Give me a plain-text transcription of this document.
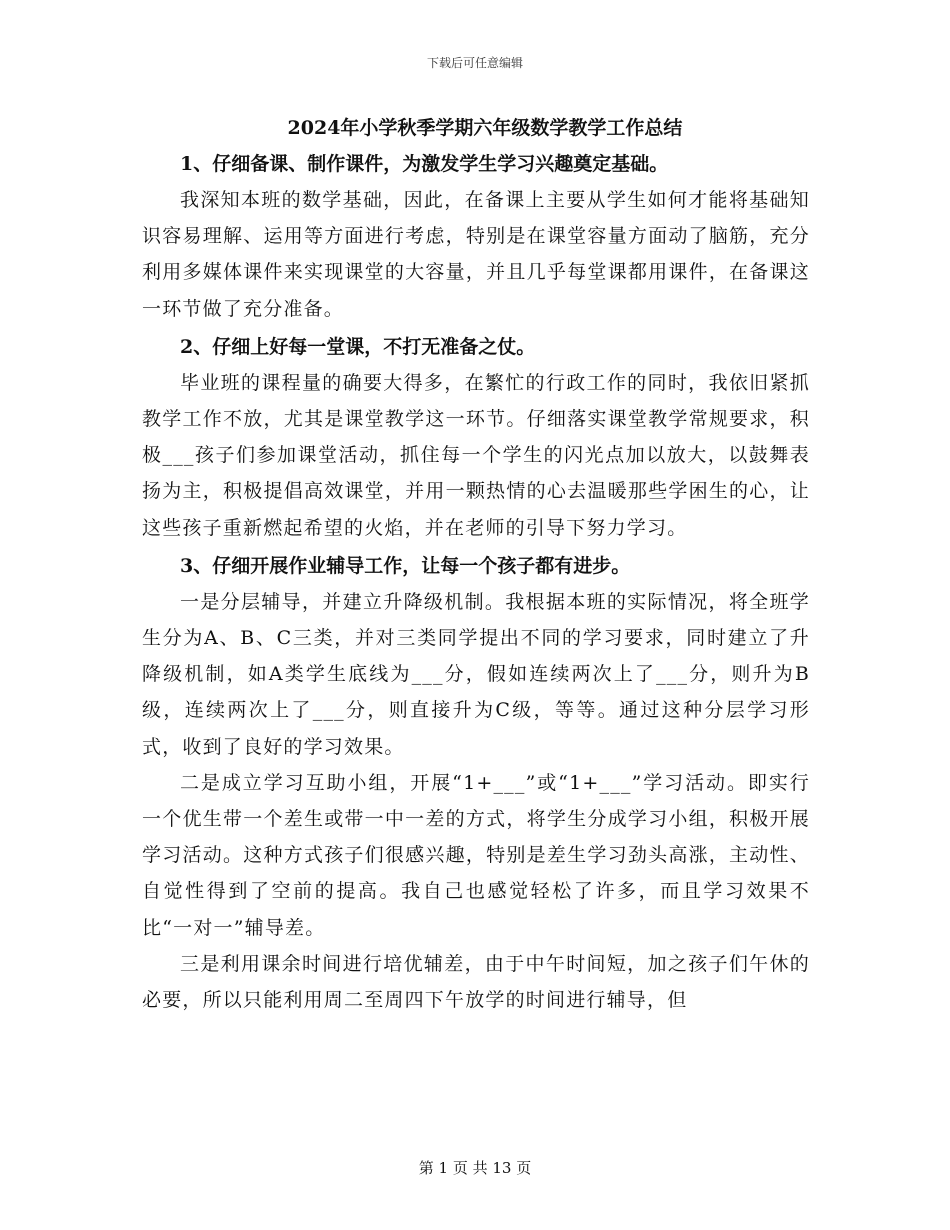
下载后可任意编辑

2024年小学秋季学期六年级数学教学工作总结

1、仔细备课、制作课件，为激发学生学习兴趣奠定基础。

我深知本班的数学基础，因此，在备课上主要从学生如何才能将基础知识容易理解、运用等方面进行考虑，特别是在课堂容量方面动了脑筋，充分利用多媒体课件来实现课堂的大容量，并且几乎每堂课都用课件，在备课这一环节做了充分准备。

2、仔细上好每一堂课，不打无准备之仗。

毕业班的课程量的确要大得多，在繁忙的行政工作的同时，我依旧紧抓教学工作不放，尤其是课堂教学这一环节。仔细落实课堂教学常规要求，积极___孩子们参加课堂活动，抓住每一个学生的闪光点加以放大，以鼓舞表扬为主，积极提倡高效课堂，并用一颗热情的心去温暖那些学困生的心，让这些孩子重新燃起希望的火焰，并在老师的引导下努力学习。

3、仔细开展作业辅导工作，让每一个孩子都有进步。

一是分层辅导，并建立升降级机制。我根据本班的实际情况，将全班学生分为A、B、C三类，并对三类同学提出不同的学习要求，同时建立了升降级机制，如A类学生底线为___分，假如连续两次上了___分，则升为B级，连续两次上了___分，则直接升为C级，等等。通过这种分层学习形式，收到了良好的学习效果。

二是成立学习互助小组，开展“1+___”或“1+___”学习活动。即实行一个优生带一个差生或带一中一差的方式，将学生分成学习小组，积极开展学习活动。这种方式孩子们很感兴趣，特别是差生学习劲头高涨，主动性、自觉性得到了空前的提高。我自己也感觉轻松了许多，而且学习效果不比“一对一”辅导差。

三是利用课余时间进行培优辅差，由于中午时间短，加之孩子们午休的必要，所以只能利用周二至周四下午放学的时间进行辅导，但

第 1 页 共 13 页
